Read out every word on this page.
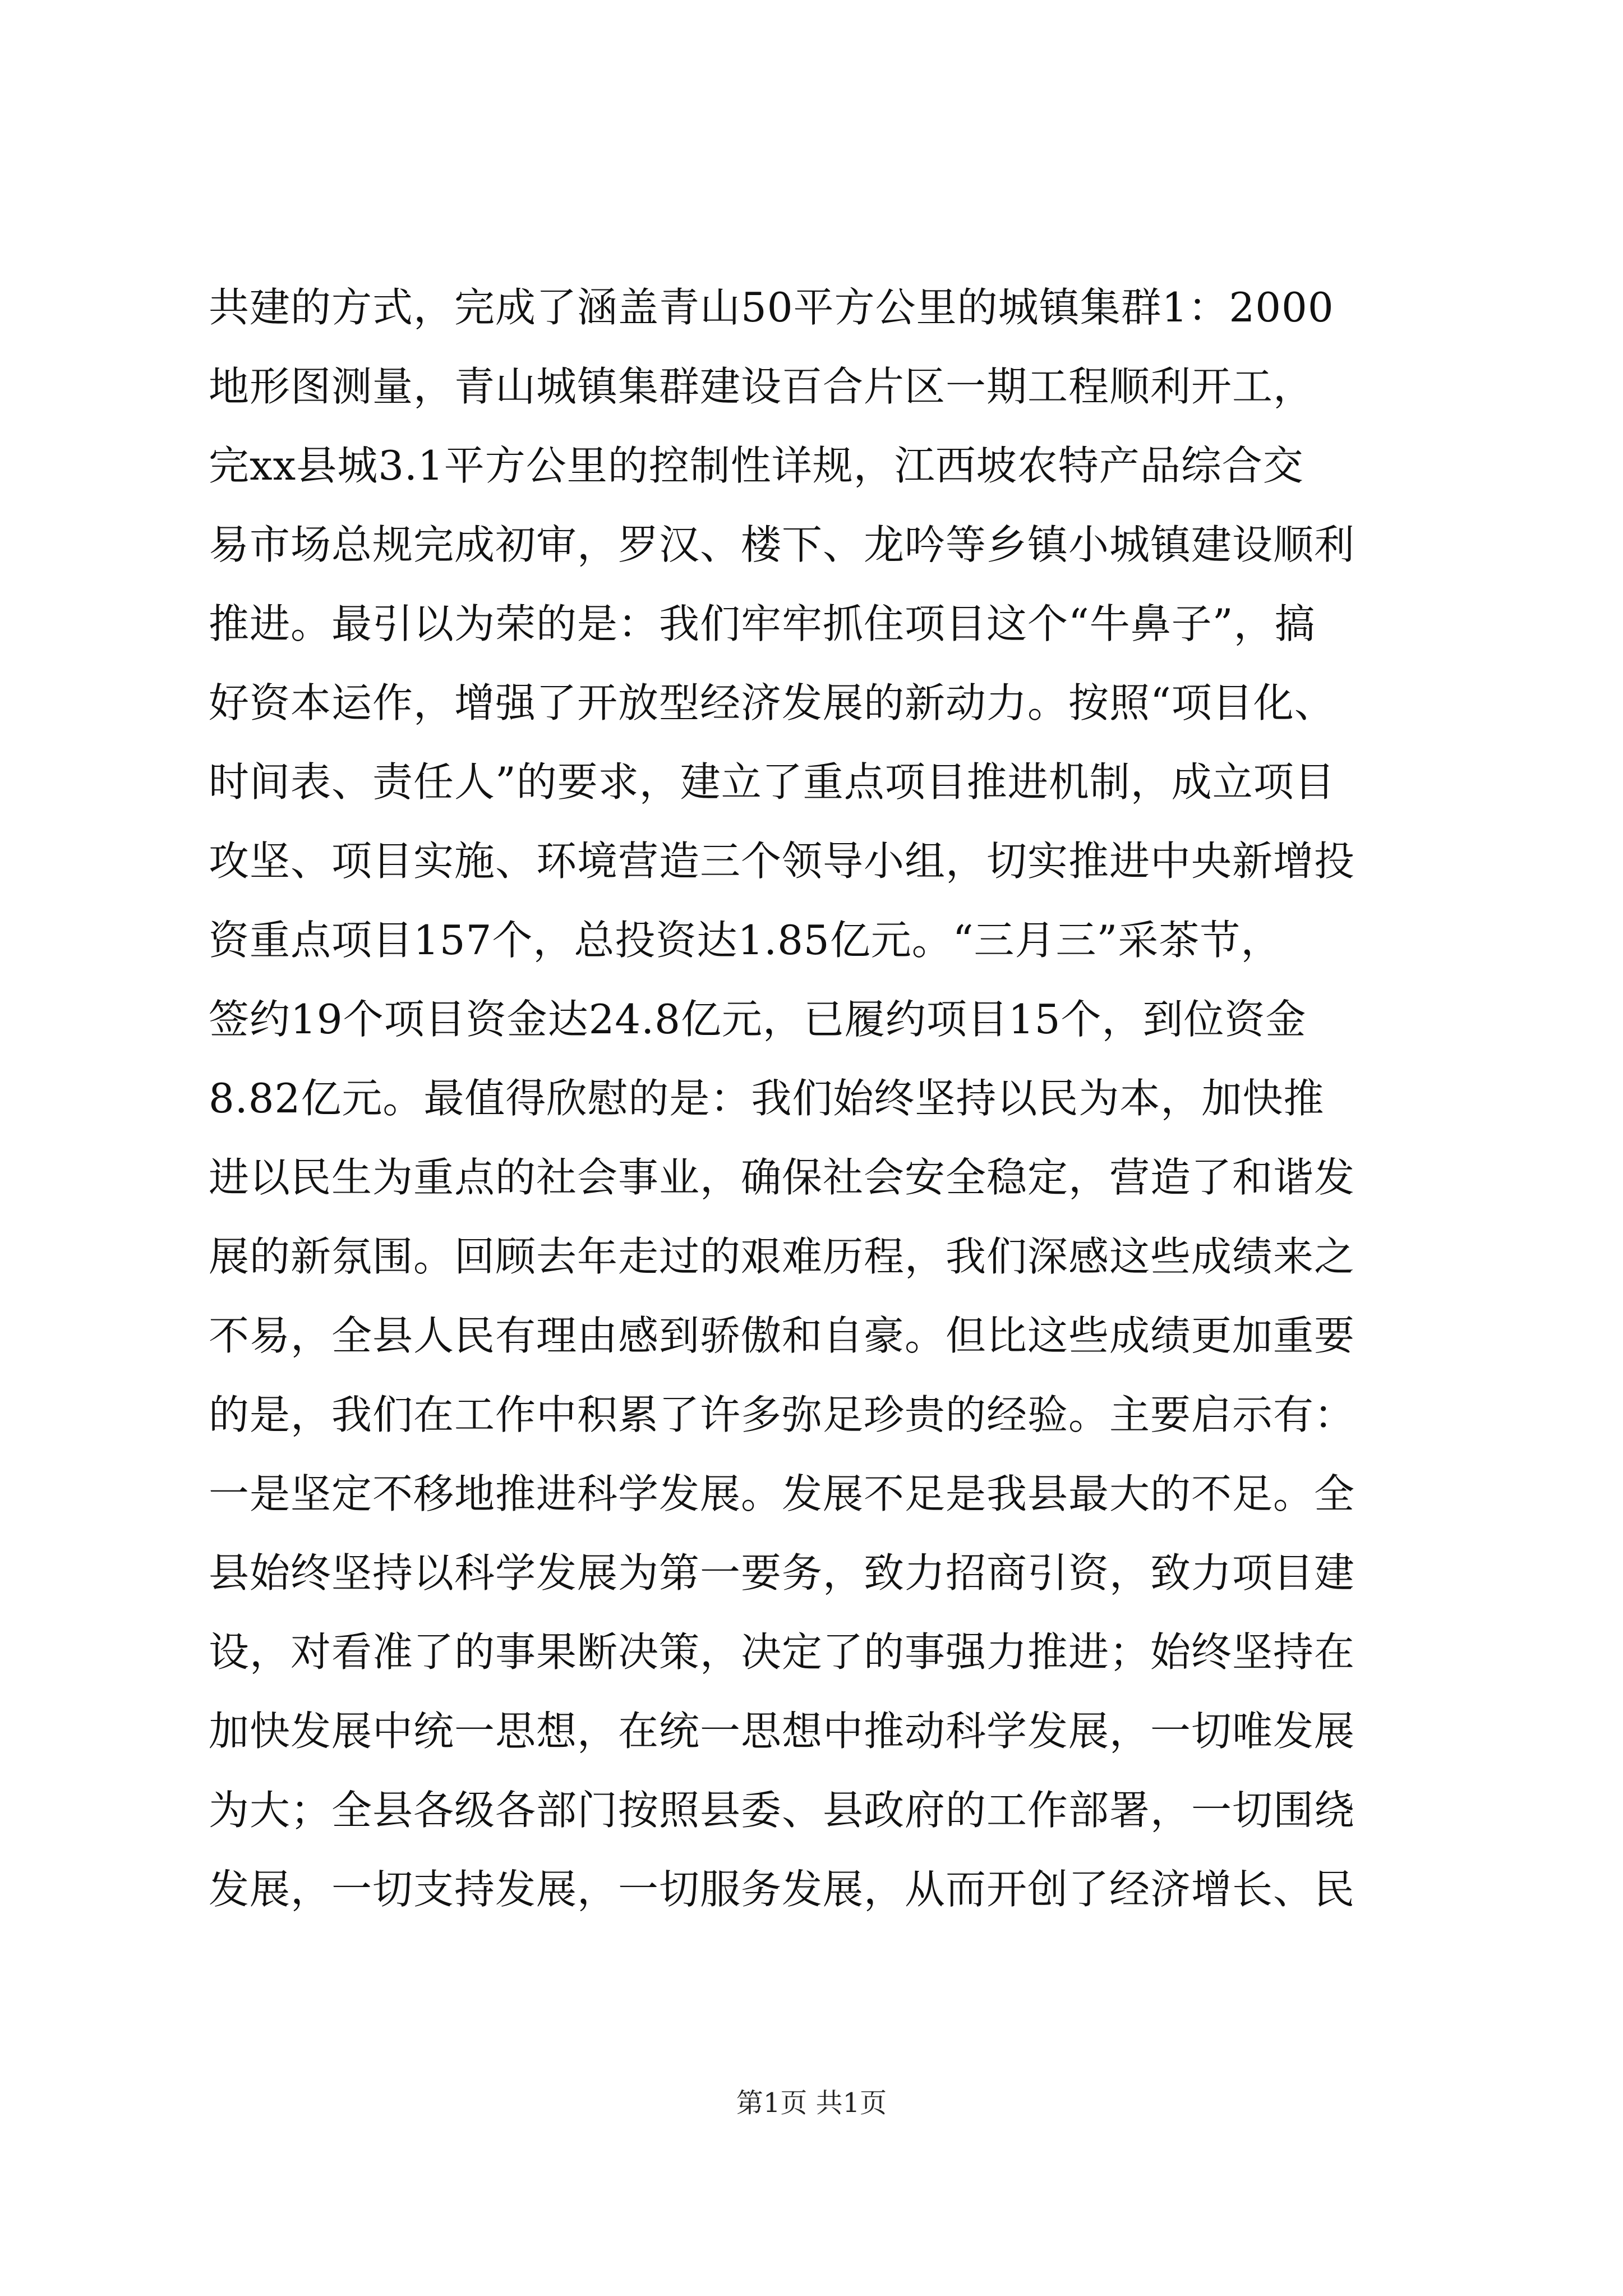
共建的方式，完成了涵盖青山50平方公里的城镇集群1：2000
地形图测量，青山城镇集群建设百合片区一期工程顺利开工，
完xx县城3.1平方公里的控制性详规，江西坡农特产品综合交
易市场总规完成初审，罗汉、楼下、龙吟等乡镇小城镇建设顺利
推进。最引以为荣的是：我们牢牢抓住项目这个“牛鼻子”，搞
好资本运作，增强了开放型经济发展的新动力。按照“项目化、
时间表、责任人”的要求，建立了重点项目推进机制，成立项目
攻坚、项目实施、环境营造三个领导小组，切实推进中央新增投
资重点项目157个，总投资达1.85亿元。“三月三”采茶节，
签约19个项目资金达24.8亿元，已履约项目15个，到位资金
8.82亿元。最值得欣慰的是：我们始终坚持以民为本，加快推
进以民生为重点的社会事业，确保社会安全稳定，营造了和谐发
展的新氛围。回顾去年走过的艰难历程，我们深感这些成绩来之
不易，全县人民有理由感到骄傲和自豪。但比这些成绩更加重要
的是，我们在工作中积累了许多弥足珍贵的经验。主要启示有：
一是坚定不移地推进科学发展。发展不足是我县最大的不足。全
县始终坚持以科学发展为第一要务，致力招商引资，致力项目建
设，对看准了的事果断决策，决定了的事强力推进；始终坚持在
加快发展中统一思想，在统一思想中推动科学发展，一切唯发展
为大；全县各级各部门按照县委、县政府的工作部署，一切围绕
发展，一切支持发展，一切服务发展，从而开创了经济增长、民
第1页 共1页
